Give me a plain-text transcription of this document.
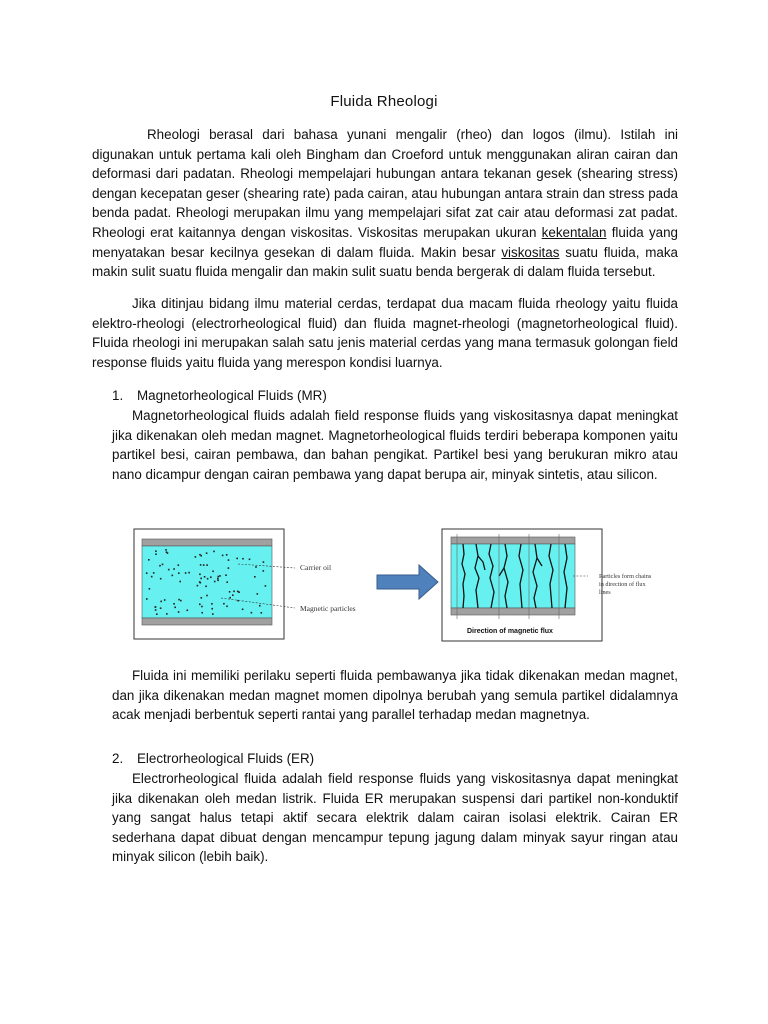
Fluida Rheologi
Rheologi berasal dari bahasa yunani mengalir (rheo) dan logos (ilmu). Istilah ini digunakan untuk pertama kali oleh Bingham dan Croeford untuk menggunakan aliran cairan dan deformasi dari padatan. Rheologi mempelajari hubungan antara tekanan gesek (shearing stress) dengan kecepatan geser (shearing rate) pada cairan, atau hubungan antara strain dan stress pada benda padat. Rheologi merupakan ilmu yang mempelajari sifat zat cair atau deformasi zat padat. Rheologi erat kaitannya dengan viskositas. Viskositas merupakan ukuran kekentalan fluida yang menyatakan besar kecilnya gesekan di dalam fluida. Makin besar viskositas suatu fluida, maka makin sulit suatu fluida mengalir dan makin sulit suatu benda bergerak di dalam fluida tersebut.
Jika ditinjau bidang ilmu material cerdas, terdapat dua macam fluida rheology yaitu fluida elektro-rheologi (electrorheological fluid) dan fluida magnet-rheologi (magnetorheological fluid). Fluida rheologi ini merupakan salah satu jenis material cerdas yang mana termasuk golongan field response fluids yaitu fluida yang merespon kondisi luarnya.
1. Magnetorheological Fluids (MR)
Magnetorheological fluids adalah field response fluids yang viskositasnya dapat meningkat jika dikenakan oleh medan magnet. Magnetorheological fluids terdiri beberapa komponen yaitu partikel besi, cairan pembawa, dan bahan pengikat. Partikel besi yang berukuran mikro atau nano dicampur dengan cairan pembawa yang dapat berupa air, minyak sintetis, atau silicon.
Carrier oil
Magnetic particles
Particles form chains
in direction of flux
lines
Direction of magnetic flux
Fluida ini memiliki perilaku seperti fluida pembawanya jika tidak dikenakan medan magnet, dan jika dikenakan medan magnet momen dipolnya berubah yang semula partikel didalamnya acak menjadi berbentuk seperti rantai yang parallel terhadap medan magnetnya.
2. Electrorheological Fluids (ER)
Electrorheological fluida adalah field response fluids yang viskositasnya dapat meningkat jika dikenakan oleh medan listrik. Fluida ER merupakan suspensi dari partikel non-konduktif yang sangat halus tetapi aktif secara elektrik dalam cairan isolasi elektrik. Cairan ER sederhana dapat dibuat dengan mencampur tepung jagung dalam minyak sayur ringan atau minyak silicon (lebih baik).
